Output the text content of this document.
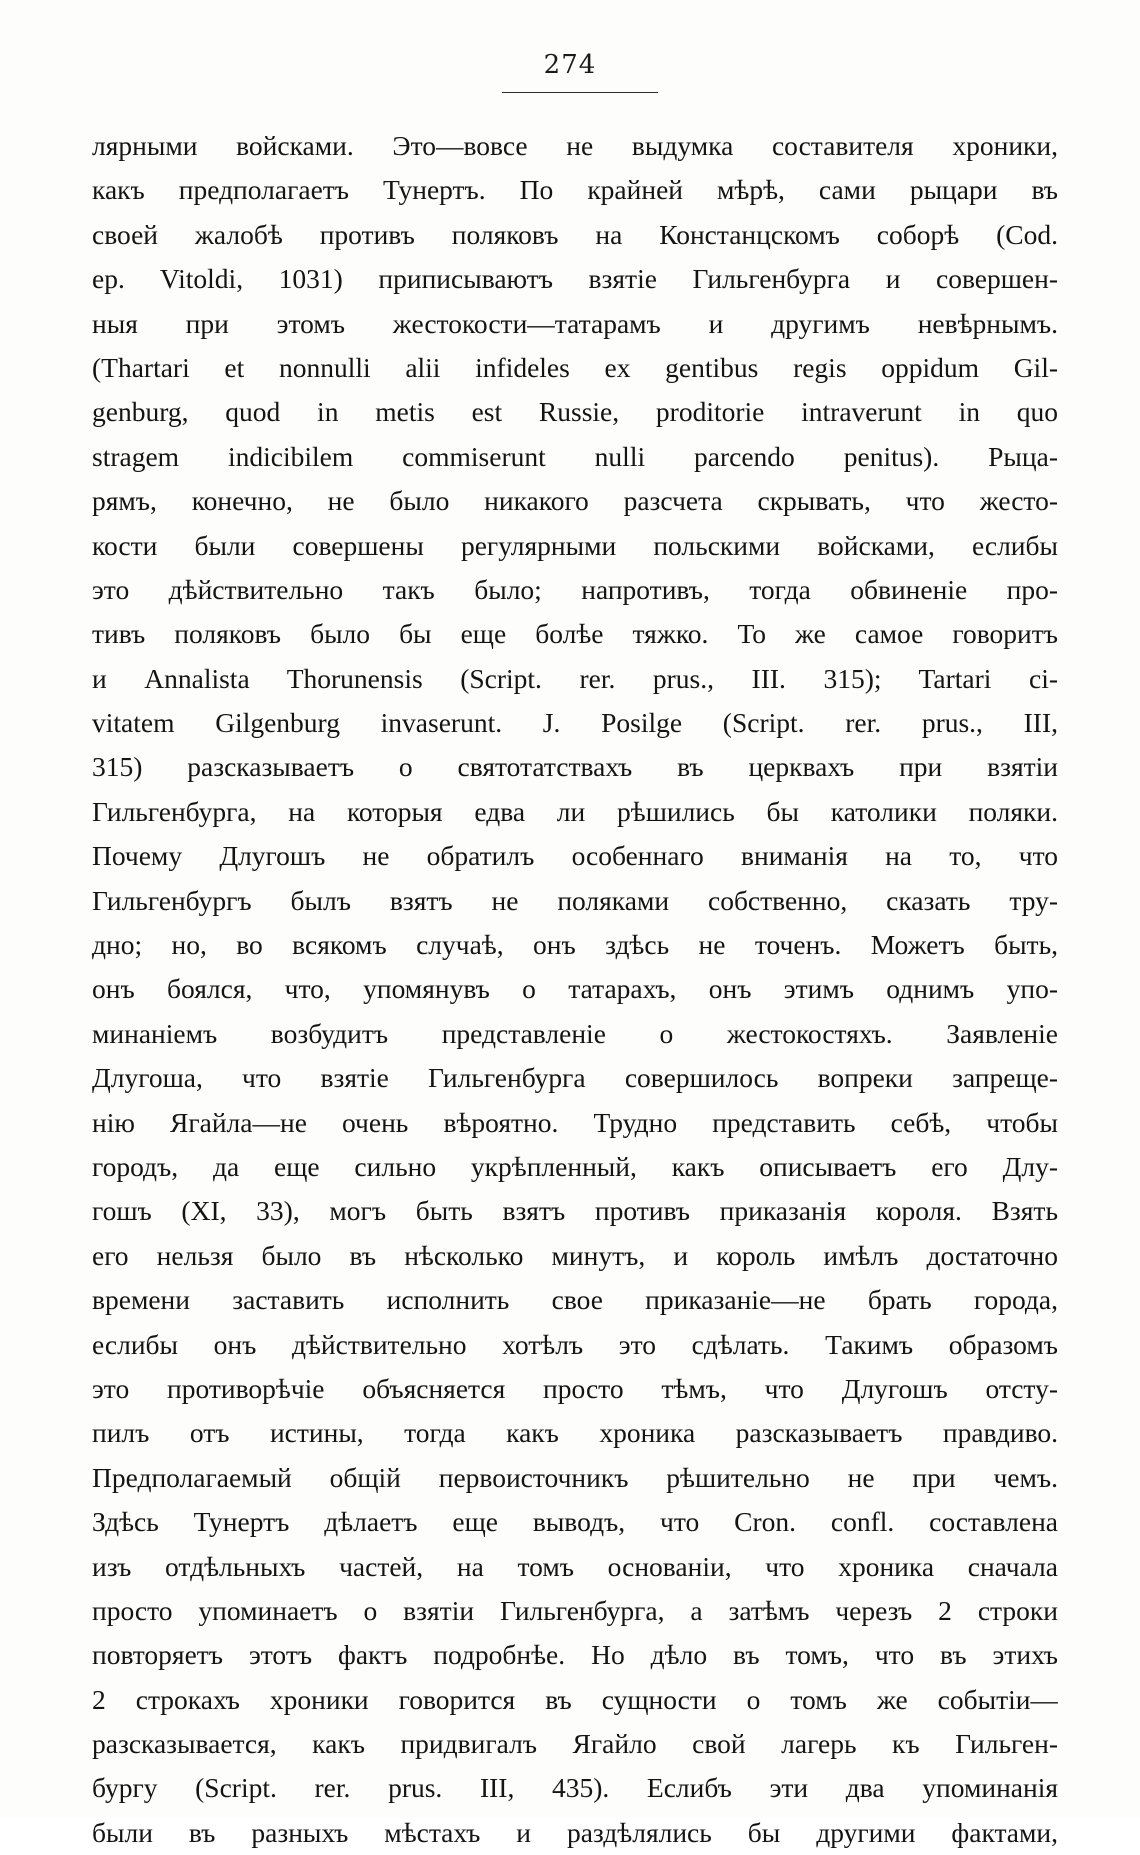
274
лярными войсками. Это—вовсе не выдумка составителя хроники,
какъ предполагаетъ Тунертъ. По крайней мѣрѣ, сами рыцари въ
своей жалобѣ противъ поляковъ на Констанцскомъ соборѣ (Cod.
ep. Vitoldi, 1031) приписываютъ взятіе Гильгенбурга и совершен-
ныя при этомъ жестокости—татарамъ и другимъ невѣрнымъ.
(Thartari et nonnulli alii infideles ex gentibus regis oppidum Gil-
genburg, quod in metis est Russie, proditorie intraverunt in quo
stragem indicibilem commiserunt nulli parcendo penitus). Рыца-
рямъ, конечно, не было никакого разсчета скрывать, что жесто-
кости были совершены регулярными польскими войсками, еслибы
это дѣйствительно такъ было; напротивъ, тогда обвиненіе про-
тивъ поляковъ было бы еще болѣе тяжко. То же самое говоритъ
и Annalista Thorunensis (Script. rer. prus., III. 315); Tartari ci-
vitatem Gilgenburg invaserunt. J. Posilge (Script. rer. prus., III,
315) разсказываетъ о святотатствахъ въ церквахъ при взятіи
Гильгенбурга, на которыя едва ли рѣшились бы католики поляки.
Почему Длугошъ не обратилъ особеннаго вниманія на то, что
Гильгенбургъ былъ взятъ не поляками собственно, сказать тру-
дно; но, во всякомъ случаѣ, онъ здѣсь не точенъ. Можетъ быть,
онъ боялся, что, упомянувъ о татарахъ, онъ этимъ однимъ упо-
минаніемъ возбудитъ представленіе о жестокостяхъ. Заявленіе
Длугоша, что взятіе Гильгенбурга совершилось вопреки запреще-
нію Ягайла—не очень вѣроятно. Трудно представить себѣ, чтобы
городъ, да еще сильно укрѣпленный, какъ описываетъ его Длу-
гошъ (XI, 33), могъ быть взятъ противъ приказанія короля. Взять
его нельзя было въ нѣсколько минутъ, и король имѣлъ достаточно
времени заставить исполнить свое приказаніе—не брать города,
еслибы онъ дѣйствительно хотѣлъ это сдѣлать. Такимъ образомъ
это противорѣчіе объясняется просто тѣмъ, что Длугошъ отсту-
пилъ отъ истины, тогда какъ хроника разсказываетъ правдиво.
Предполагаемый общій первоисточникъ рѣшительно не при чемъ.
Здѣсь Тунертъ дѣлаетъ еще выводъ, что Cron. confl. составлена
изъ отдѣльныхъ частей, на томъ основаніи, что хроника сначала
просто упоминаетъ о взятіи Гильгенбурга, а затѣмъ черезъ 2 строки
повторяетъ этотъ фактъ подробнѣе. Но дѣло въ томъ, что въ этихъ
2 строкахъ хроники говорится въ сущности о томъ же событіи—
разсказывается, какъ придвигалъ Ягайло свой лагерь къ Гильген-
бургу (Script. rer. prus. III, 435). Еслибъ эти два упоминанія
были въ разныхъ мѣстахъ и раздѣлялись бы другими фактами,
